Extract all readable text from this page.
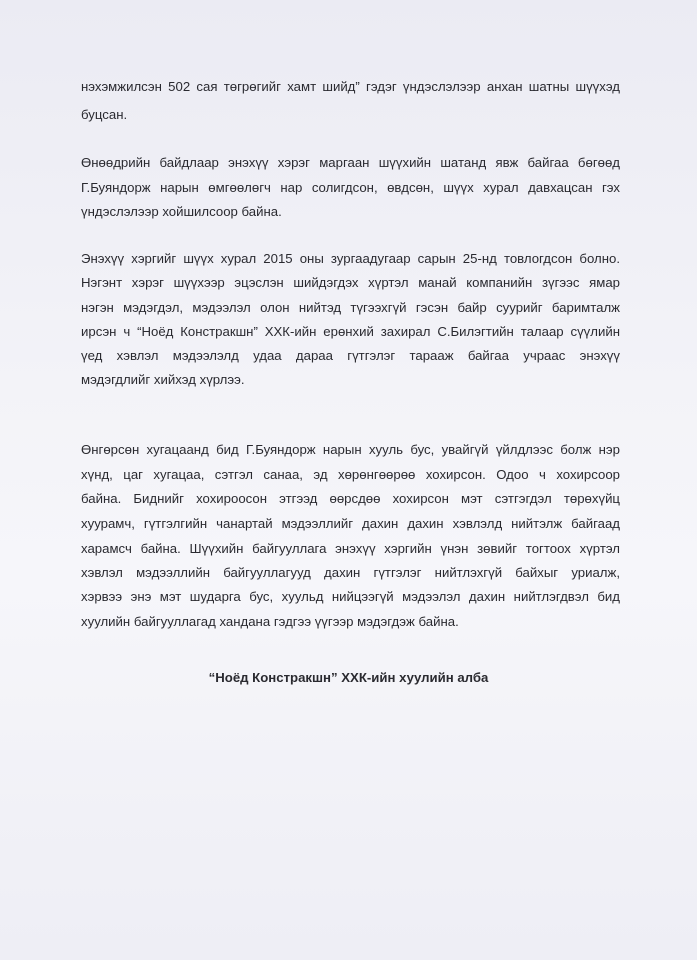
нэхэмжилсэн 502 сая төгрөгийг хамт шийд” гэдэг үндэслэлээр анхан шатны шүүхэд
буцсан.
Өнөөдрийн байдлаар энэхүү хэрэг маргаан шүүхийн шатанд явж байгаа бөгөөд
Г.Буяндорж нарын өмгөөлөгч нар солигдсон, өвдсөн, шүүх хурал давхацсан гэх
үндэслэлээр хойшилсоор байна.
Энэхүү хэргийг шүүх хурал 2015 оны зургаадугаар сарын 25-нд товлогдсон болно.
Нэгэнт хэрэг шүүхээр эцэслэн шийдэгдэх хүртэл манай компанийн зүгээс ямар
нэгэн мэдэгдэл, мэдээлэл олон нийтэд түгээхгүй гэсэн байр суурийг баримталж
ирсэн ч “Ноёд Констракшн” ХХК-ийн ерөнхий захирал С.Билэгтийн талаар сүүлийн
үед хэвлэл мэдээлэлд удаа дараа гүтгэлэг тарааж байгаа учраас энэхүү
мэдэгдлийг хийхэд хүрлээ.
Өнгөрсөн хугацаанд бид Г.Буяндорж нарын хууль бус, увайгүй үйлдлээс болж нэр
хүнд, цаг хугацаа, сэтгэл санаа, эд хөрөнгөөрөө хохирсон. Одоо ч хохирсоор
байна. Биднийг хохироосон этгээд өөрсдөө хохирсон мэт сэтгэгдэл төрөхүйц
хуурамч, гүтгэлгийн чанартай мэдээллийг дахин дахин хэвлэлд нийтэлж байгаад
харамсч байна. Шүүхийн байгууллага энэхүү хэргийн үнэн зөвийг тогтоох хүртэл
хэвлэл мэдээллийн байгууллагууд дахин гүтгэлэг нийтлэхгүй байхыг уриалж,
хэрвээ энэ мэт шударга бус, хуульд нийцээгүй мэдээлэл дахин нийтлэгдвэл бид
хуулийн байгууллагад хандана гэдгээ үүгээр мэдэгдэж байна.
“Ноёд Констракшн” ХХК-ийн хуулийн алба
